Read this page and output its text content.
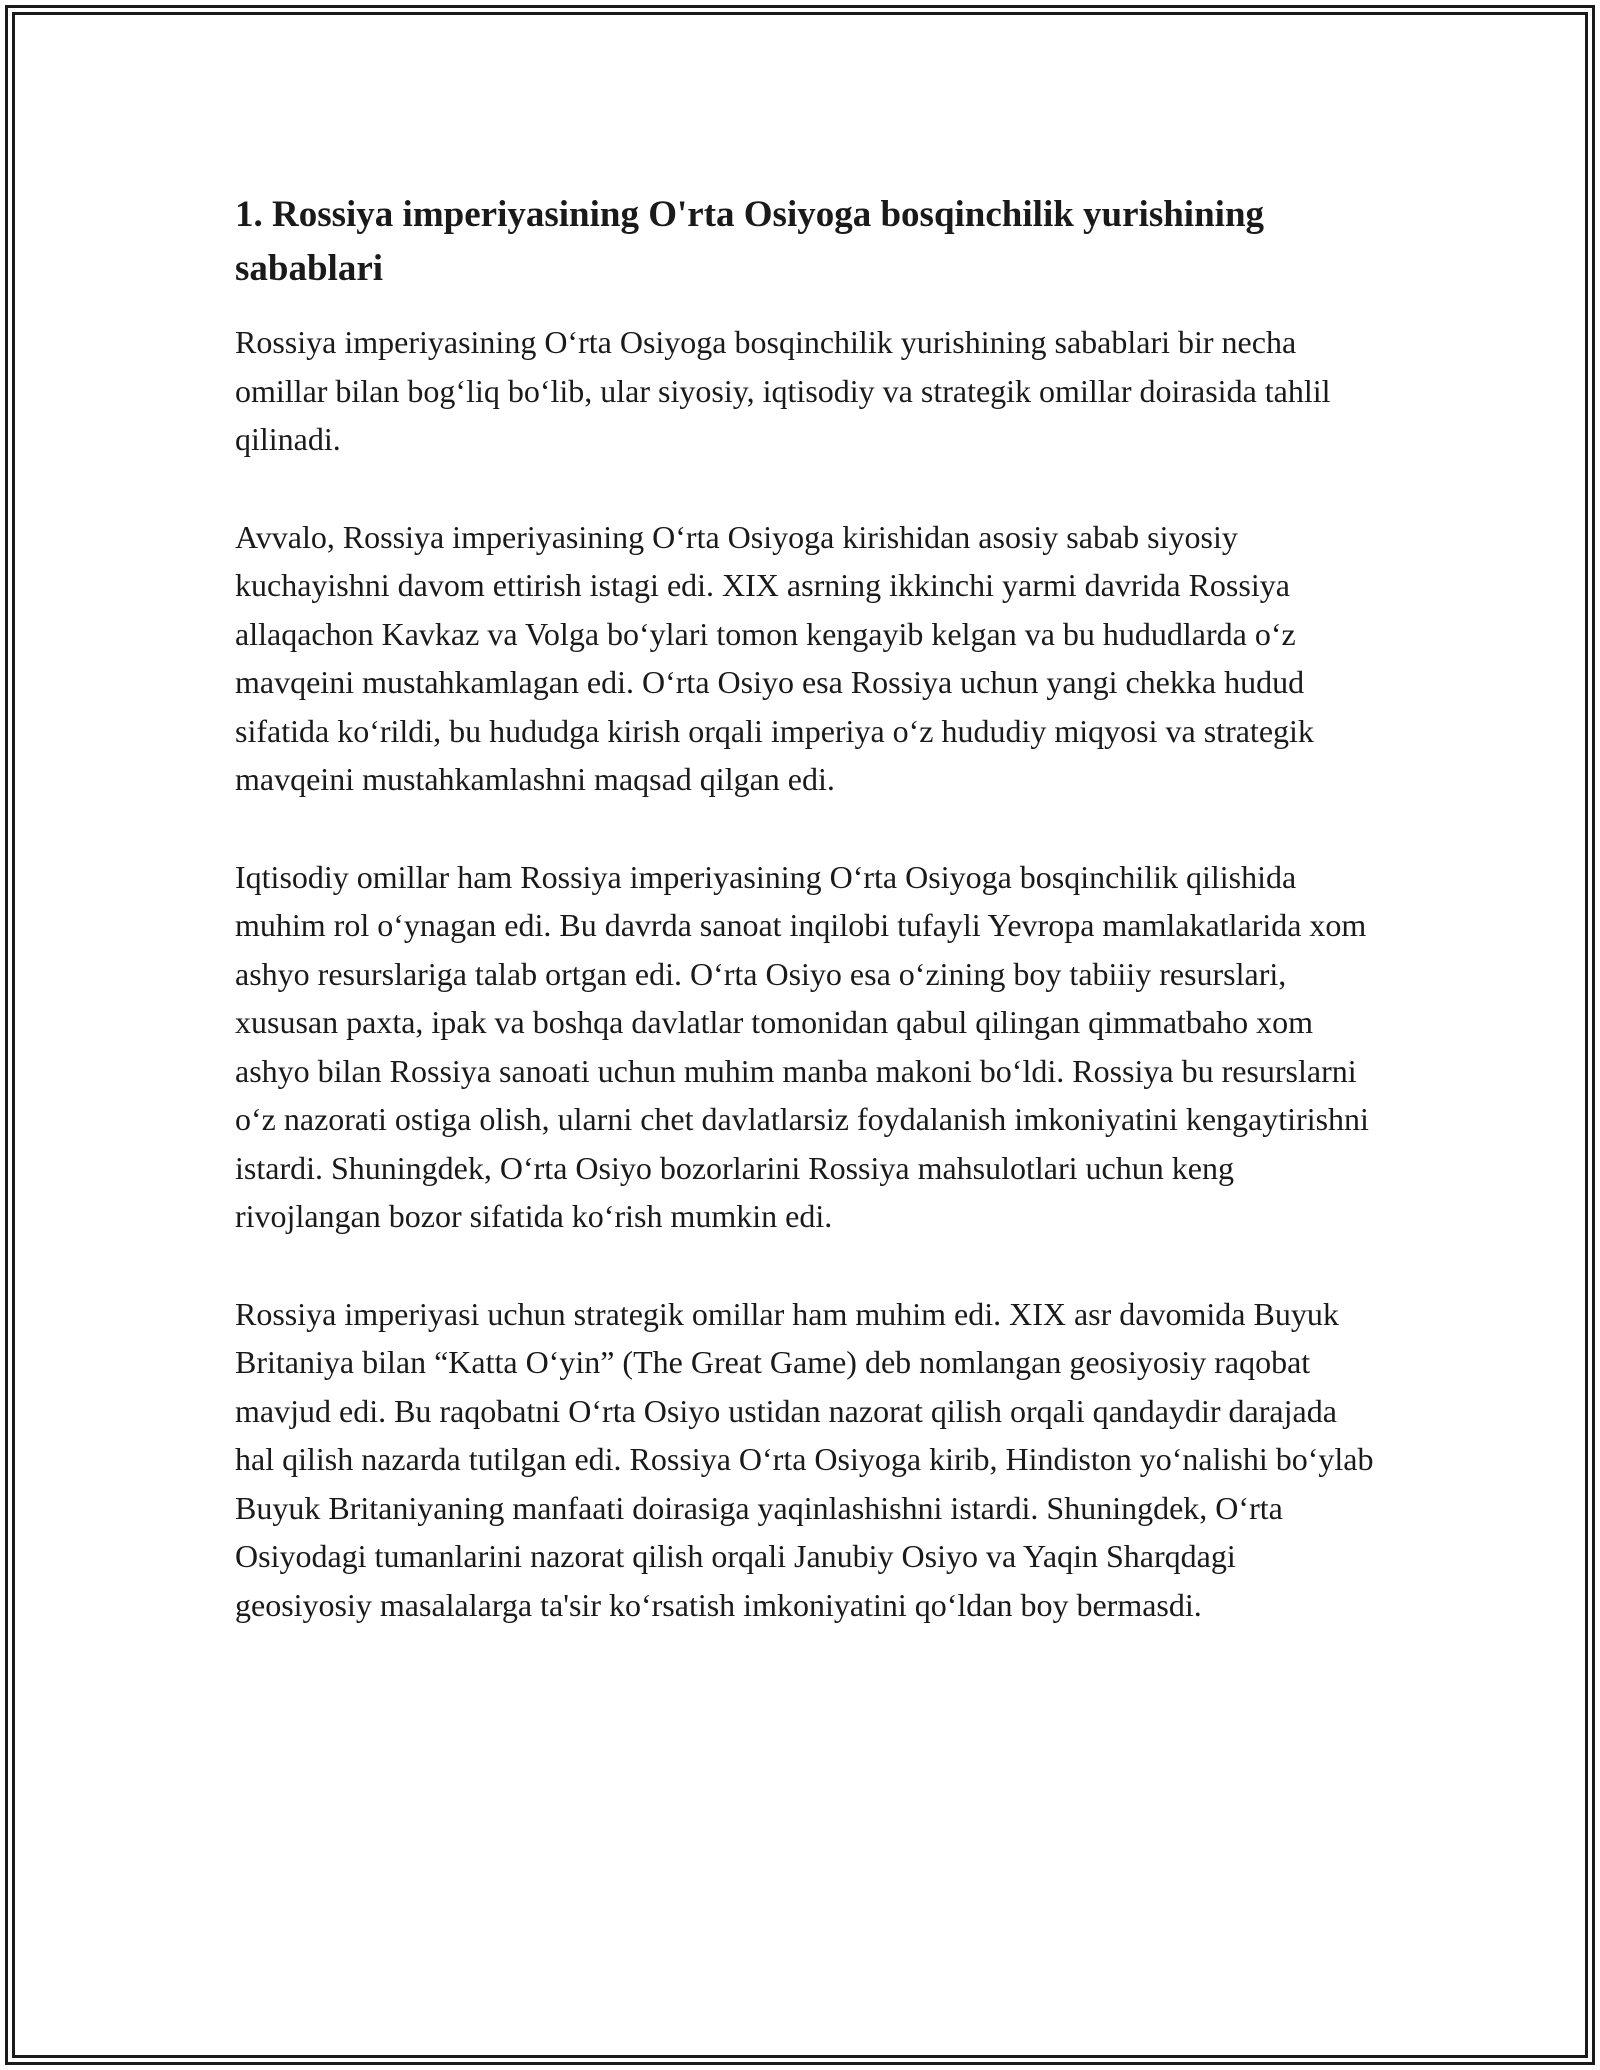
1. Rossiya imperiyasining O'rta Osiyoga bosqinchilik yurishining sabablari

Rossiya imperiyasining O‘rta Osiyoga bosqinchilik yurishining sabablari bir necha omillar bilan bog‘liq bo‘lib, ular siyosiy, iqtisodiy va strategik omillar doirasida tahlil qilinadi.

Avvalo, Rossiya imperiyasining O‘rta Osiyoga kirishidan asosiy sabab siyosiy kuchayishni davom ettirish istagi edi. XIX asrning ikkinchi yarmi davrida Rossiya allaqachon Kavkaz va Volga bo‘ylari tomon kengayib kelgan va bu hududlarda o‘z mavqeini mustahkamlagan edi. O‘rta Osiyo esa Rossiya uchun yangi chekka hudud sifatida ko‘rildi, bu hududga kirish orqali imperiya o‘z hududiy miqyosi va strategik mavqeini mustahkamlashni maqsad qilgan edi.

Iqtisodiy omillar ham Rossiya imperiyasining O‘rta Osiyoga bosqinchilik qilishida muhim rol o‘ynagan edi. Bu davrda sanoat inqilobi tufayli Yevropa mamlakatlarida xom ashyo resurslariga talab ortgan edi. O‘rta Osiyo esa o‘zining boy tabiiiy resurslari, xususan paxta, ipak va boshqa davlatlar tomonidan qabul qilingan qimmatbaho xom ashyo bilan Rossiya sanoati uchun muhim manba makoni bo‘ldi. Rossiya bu resurslarni o‘z nazorati ostiga olish, ularni chet davlatlarsiz foydalanish imkoniyatini kengaytirishni istardi. Shuningdek, O‘rta Osiyo bozorlarini Rossiya mahsulotlari uchun keng rivojlangan bozor sifatida ko‘rish mumkin edi.

Rossiya imperiyasi uchun strategik omillar ham muhim edi. XIX asr davomida Buyuk Britaniya bilan “Katta O‘yin” (The Great Game) deb nomlangan geosiyosiy raqobat mavjud edi. Bu raqobatni O‘rta Osiyo ustidan nazorat qilish orqali qandaydir darajada hal qilish nazarda tutilgan edi. Rossiya O‘rta Osiyoga kirib, Hindiston yo‘nalishi bo‘ylab Buyuk Britaniyaning manfaati doirasiga yaqinlashishni istardi. Shuningdek, O‘rta Osiyodagi tumanlarini nazorat qilish orqali Janubiy Osiyo va Yaqin Sharqdagi geosiyosiy masalalarga ta'sir ko‘rsatish imkoniyatini qo‘ldan boy bermasdi.
